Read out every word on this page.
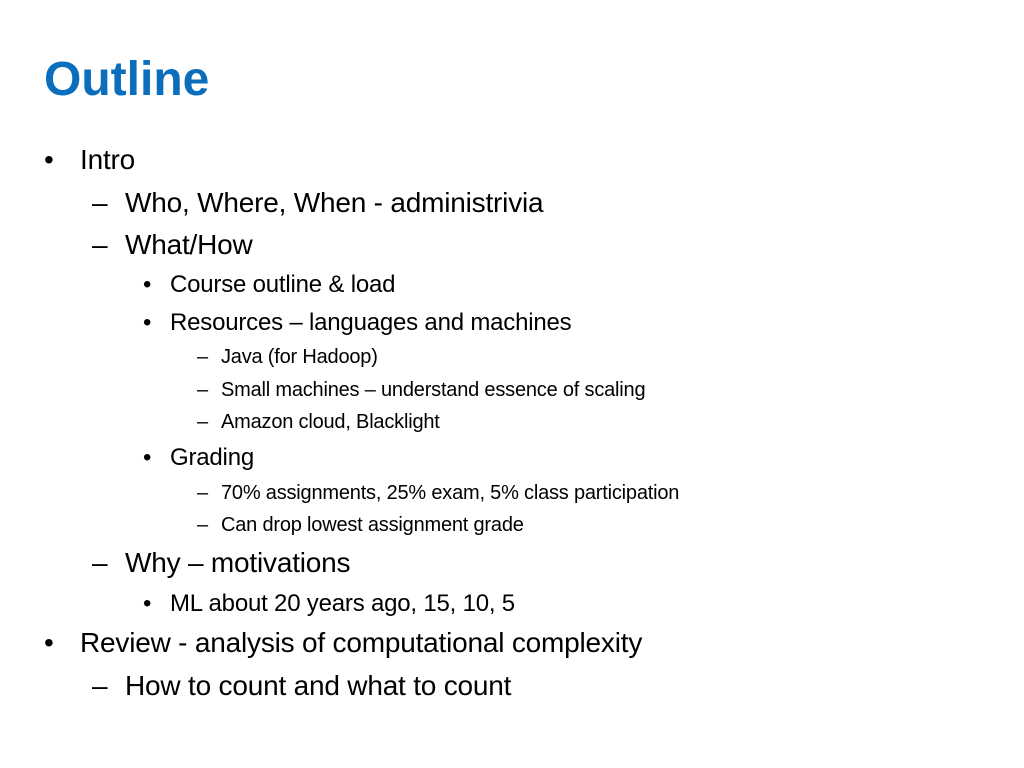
Outline
• Intro
– Who, Where, When - administrivia
– What/How
• Course outline & load
• Resources – languages and machines
– Java (for Hadoop)
– Small machines – understand essence of scaling
– Amazon cloud, Blacklight
• Grading
– 70% assignments, 25% exam, 5% class participation
– Can drop lowest assignment grade
– Why – motivations
• ML about 20 years ago, 15, 10, 5
• Review - analysis of computational complexity
– How to count and what to count
